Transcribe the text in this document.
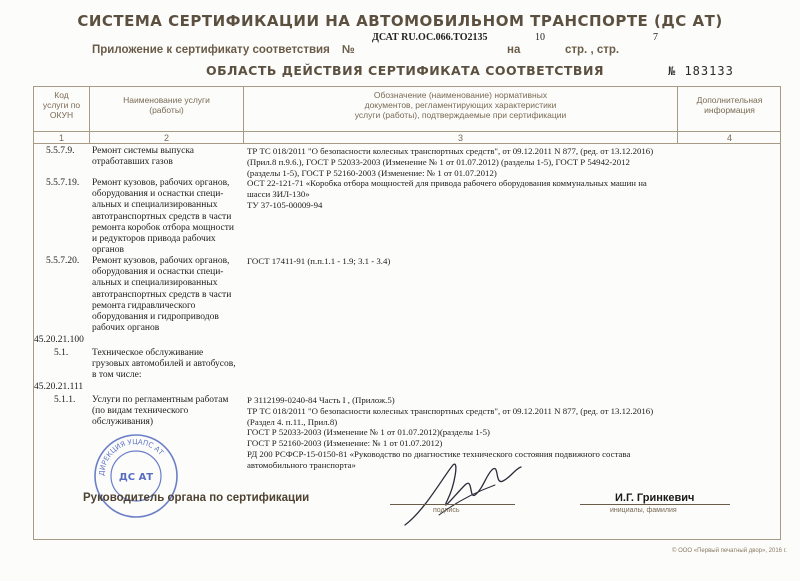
СИСТЕМА СЕРТИФИКАЦИИ НА АВТОМОБИЛЬНОМ ТРАНСПОРТЕ (ДС АТ)
Приложение к сертификату соответствия №
ДСАТ RU.ОС.066.ТО2135	10
на	стр. , стр.
7
ОБЛАСТЬ ДЕЙСТВИЯ СЕРТИФИКАТА СООТВЕТСТВИЯ	№ 183133
Код
услуги по
ОКУН
Наименование услуги
(работы)
Обозначение (наименование) нормативных
документов, регламентирующих характеристики
услуги (работы), подтверждаемые при сертификации
Дополнительная
информация
1	2	3	4
5.5.7.9. Ремонт системы выпуска
отработавших газов
ТР ТС 018/2011 "О безопасности колесных транспортных средств", от 09.12.2011 N 877, (ред. от 13.12.2016)
(Прил.8 п.9.6.), ГОСТ Р 52033-2003 (Изменение № 1 от 01.07.2012) (разделы 1-5), ГОСТ Р 54942-2012
(разделы 1-5), ГОСТ Р 52160-2003 (Изменение: № 1 от 01.07.2012)
5.5.7.19. Ремонт кузовов, рабочих органов,
оборудования и оснастки специ-
альных и специализированных
автотранспортных средств в части
ремонта коробок отбора мощности
и редукторов привода рабочих
органов
ОСТ 22-121-71 «Коробка отбора мощностей для привода рабочего оборудования коммунальных машин на
шасси ЗИЛ-130»
ТУ 37-105-00009-94
5.5.7.20. Ремонт кузовов, рабочих органов,
оборудования и оснастки специ-
альных и специализированных
автотранспортных средств в части
ремонта гидравлического
оборудования и гидроприводов
рабочих органов
ГОСТ 17411-91 (п.п.1.1 - 1.9; 3.1 - 3.4)
45.20.21.100
5.1.	Техническое обслуживание
грузовых автомобилей и автобусов,
в том числе:
45.20.21.111
5.1.1. Услуги по регламентным работам
(по видам технического
обслуживания)
Р 3112199-0240-84 Часть I , (Прилож.5)
ТР ТС 018/2011 "О безопасности колесных транспортных средств", от 09.12.2011 N 877, (ред. от 13.12.2016)
(Раздел 4. п.11., Прил.8)
ГОСТ Р 52033-2003 (Изменение № 1 от 01.07.2012)(разделы 1-5)
ГОСТ Р 52160-2003 (Изменение: № 1 от 01.07.2012)
РД 200 РСФСР-15-0150-81 «Руководство по диагностике технического состояния подвижного состава
автомобильного транспорта»
ДИРЕКЦИЯ УЦАПС АТ
ДС АТ
Руководитель органа по сертификации
подпись
И.Г. Гринкевич
инициалы, фамилия
© ООО «Первый печатный двор», 2016 г.
